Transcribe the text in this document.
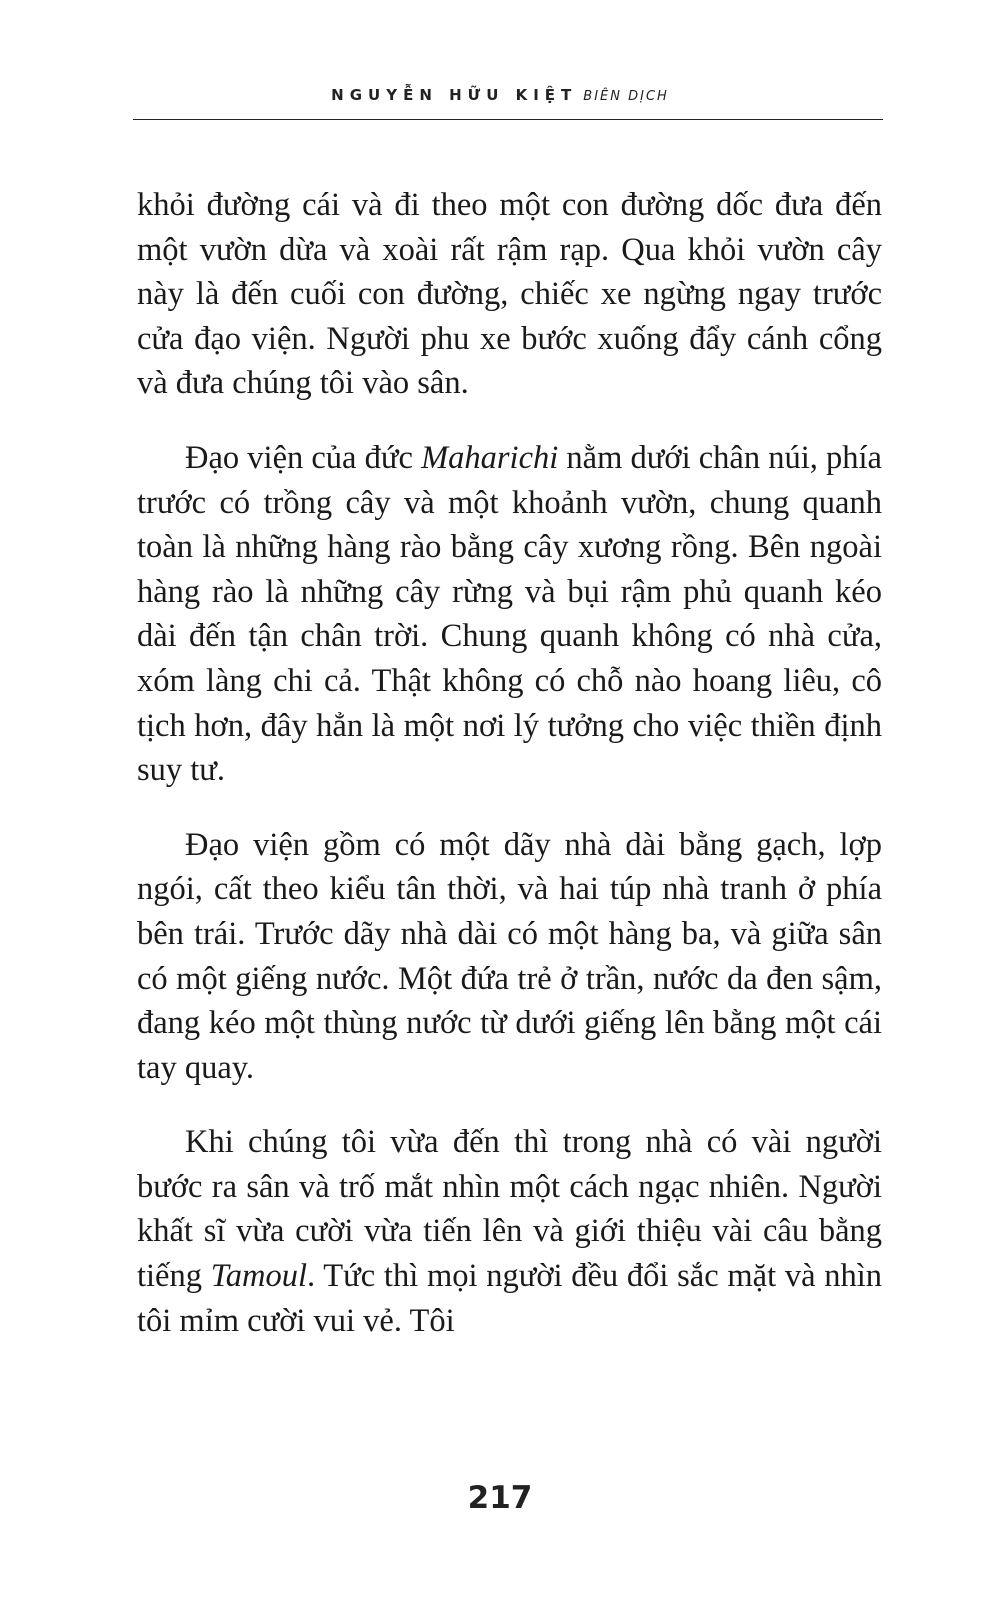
NGUYỄN HỮU KIỆT BIÊN DỊCH

khỏi đường cái và đi theo một con đường dốc đưa đến một vườn dừa và xoài rất rậm rạp. Qua khỏi vườn cây này là đến cuối con đường, chiếc xe ngừng ngay trước cửa đạo viện. Người phu xe bước xuống đẩy cánh cổng và đưa chúng tôi vào sân.

Đạo viện của đức Maharichi nằm dưới chân núi, phía trước có trồng cây và một khoảnh vườn, chung quanh toàn là những hàng rào bằng cây xương rồng. Bên ngoài hàng rào là những cây rừng và bụi rậm phủ quanh kéo dài đến tận chân trời. Chung quanh không có nhà cửa, xóm làng chi cả. Thật không có chỗ nào hoang liêu, cô tịch hơn, đây hẳn là một nơi lý tưởng cho việc thiền định suy tư.

Đạo viện gồm có một dãy nhà dài bằng gạch, lợp ngói, cất theo kiểu tân thời, và hai túp nhà tranh ở phía bên trái. Trước dãy nhà dài có một hàng ba, và giữa sân có một giếng nước. Một đứa trẻ ở trần, nước da đen sậm, đang kéo một thùng nước từ dưới giếng lên bằng một cái tay quay.

Khi chúng tôi vừa đến thì trong nhà có vài người bước ra sân và trố mắt nhìn một cách ngạc nhiên. Người khất sĩ vừa cười vừa tiến lên và giới thiệu vài câu bằng tiếng Tamoul. Tức thì mọi người đều đổi sắc mặt và nhìn tôi mỉm cười vui vẻ. Tôi

217
